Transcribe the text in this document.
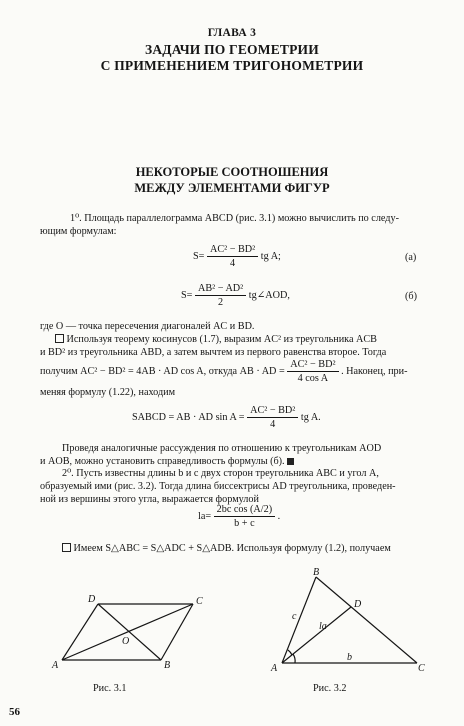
ГЛАВА 3
ЗАДАЧИ ПО ГЕОМЕТРИИ
С ПРИМЕНЕНИЕМ ТРИГОНОМЕТРИИ
НЕКОТОРЫЕ СООТНОШЕНИЯ
МЕЖДУ ЭЛЕМЕНТАМИ ФИГУР
1⁰. Площадь параллелограмма ABCD (рис. 3.1) можно вычислить по следу-
ющим формулам:
$S= \frac{\text{AC² − BD²}}{4}$ tg A;	(a)
$S= \frac{\text{AB² − AD²}}{2}$ tg∠AOD,	(б)
где O — точка пересечения диагоналей AC и BD.
Используя теорему косинусов (1.7), выразим AC² из треугольника ACB
и BD² из треугольника ABD, а затем вычтем из первого равенства второе. Тогда
получим AC² − BD² = 4AB · AD cos A, откуда AB · AD = $\frac{\text{AC² − BD²}}{\text{4 cos A}}$ . Наконец, при-
меняя формулу (1.22), находим
SABCD = AB · AD $\sin A = \frac{\text{AC² − BD²}}{4}$ tg A.
Проведя аналогичные рассуждения по отношению к треугольникам AOD
и AOB, можно установить справедливость формулы (б).
2⁰. Пусть известны длины b и c двух сторон треугольника ABC и угол A,
образуемый ими (рис. 3.2). Тогда длина биссектрисы AD треугольника, проведен-
ной из вершины этого угла, выражается формулой
$la= \frac{\text{2bc cos (A/2)}}{b + c}$ .
Имеем S△ABC = S△ADC + S△ADB. Используя формулу (1.2), получаем
A	B
C
D
O
Рис. 3.1
A
B
C
D
c
b
la
Рис. 3.2
56
